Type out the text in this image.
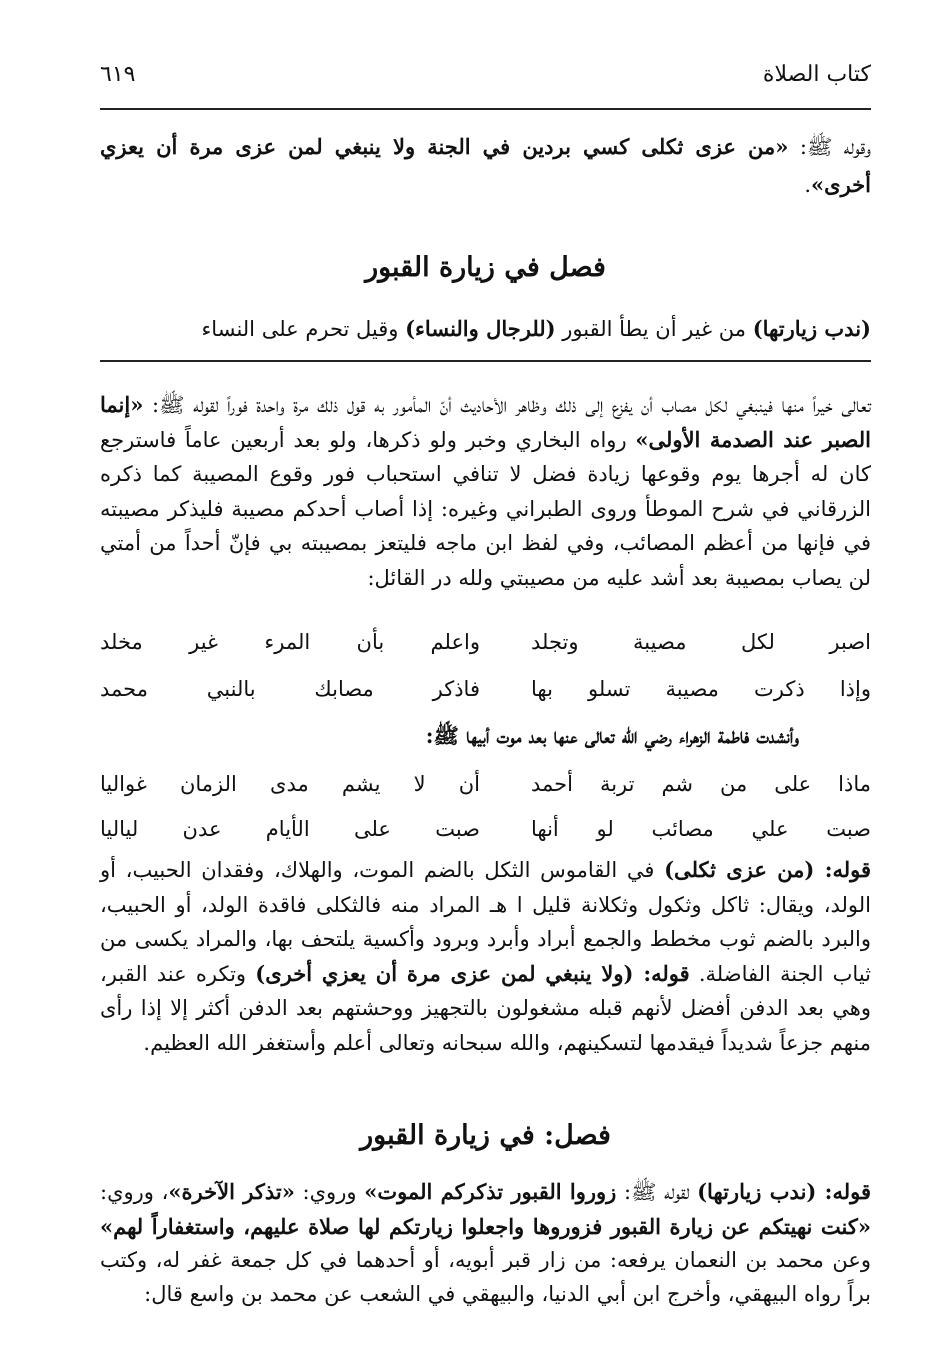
كتاب الصلاة
٦١٩
وقوله ﷺ: «من عزى ثكلى كسي بردين في الجنة ولا ينبغي لمن عزى مرة أن يعزي أخرى».
فصل في زيارة القبور
(ندب زيارتها) من غير أن يطأ القبور (للرجال والنساء) وقيل تحرم على النساء
تعالى خيراً منها فينبغي لكل مصاب أن يفزع إلى ذلك وظاهر الأحاديث أنّ المأمور به قول ذلك مرة واحدة فوراً لقوله ﷺ: «إنما الصبر عند الصدمة الأولى» رواه البخاري وخبر ولو ذكرها، ولو بعد أربعين عاماً فاسترجع كان له أجرها يوم وقوعها زيادة فضل لا تنافي استحباب فور وقوع المصيبة كما ذكره الزرقاني في شرح الموطأ وروى الطبراني وغيره: إذا أصاب أحدكم مصيبة فليذكر مصيبته في فإنها من أعظم المصائب، وفي لفظ ابن ماجه فليتعز بمصيبته بي فإنّ أحداً من أمتي لن يصاب بمصيبة بعد أشد عليه من مصيبتي ولله در القائل:
اصبر لكل مصيبة وتجلد
واعلم بأن المرء غير مخلد
وإذا ذكرت مصيبة تسلو بها
فاذكر مصابك بالنبي محمد
وأنشدت فاطمة الزهراء رضي الله تعالى عنها بعد موت أبيها ﷺ:
ماذا على من شم تربة أحمد
أن لا يشم مدى الزمان غواليا
صبت علي مصائب لو أنها
صبت على الأيام عدن لياليا
قوله: (من عزى ثكلى) في القاموس الثكل بالضم الموت، والهلاك، وفقدان الحبيب، أو الولد، ويقال: ثاكل وثكول وثكلانة قليل ا هـ المراد منه فالثكلى فاقدة الولد، أو الحبيب، والبرد بالضم ثوب مخطط والجمع أبراد وأبرد وبرود وأكسية يلتحف بها، والمراد يكسى من ثياب الجنة الفاضلة. قوله: (ولا ينبغي لمن عزى مرة أن يعزي أخرى) وتكره عند القبر، وهي بعد الدفن أفضل لأنهم قبله مشغولون بالتجهيز ووحشتهم بعد الدفن أكثر إلا إذا رأى منهم جزعاً شديداً فيقدمها لتسكينهم، والله سبحانه وتعالى أعلم وأستغفر الله العظيم.
فصل: في زيارة القبور
قوله: (ندب زيارتها) لقوله ﷺ: زوروا القبور تذكركم الموت» وروي: «تذكر الآخرة»، وروي: «كنت نهيتكم عن زيارة القبور فزوروها واجعلوا زيارتكم لها صلاة عليهم، واستغفاراً لهم» وعن محمد بن النعمان يرفعه: من زار قبر أبويه، أو أحدهما في كل جمعة غفر له، وكتب براً رواه البيهقي، وأخرج ابن أبي الدنيا، والبيهقي في الشعب عن محمد بن واسع قال:
